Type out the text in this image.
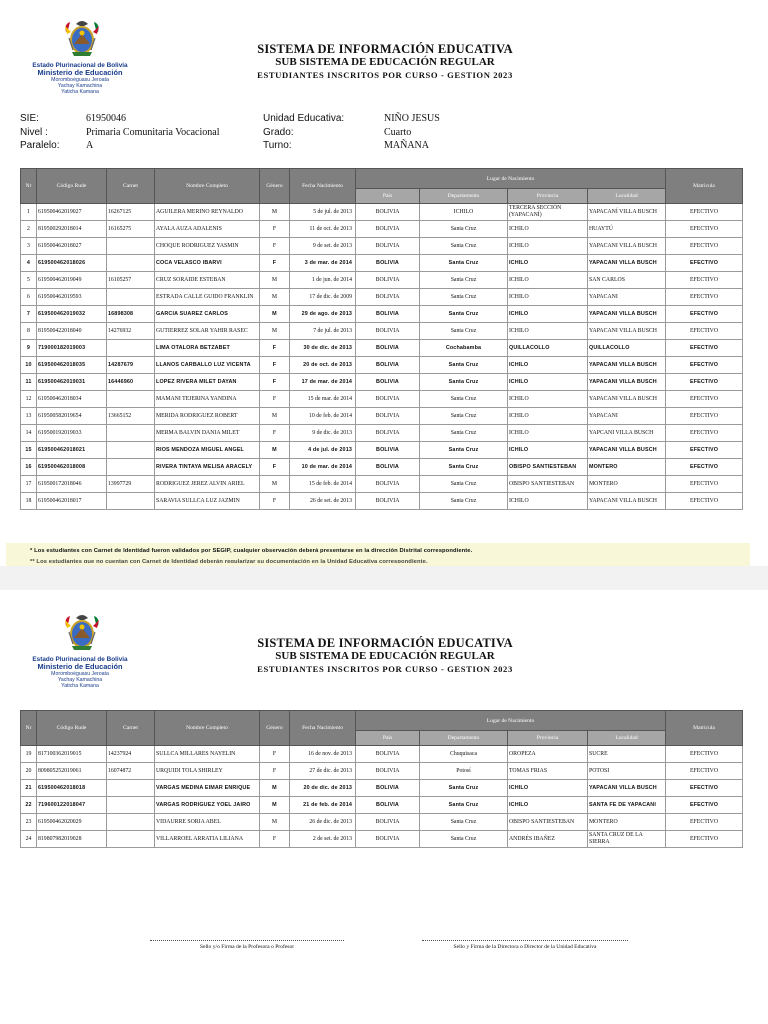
Estado Plurinacional de Bolivia
Ministerio de Educación
Moromboéguasu Jeroata
Yachay Kamachina
Yaticha Kamana
SISTEMA DE INFORMACIÓN EDUCATIVA
SUB SISTEMA DE EDUCACIÓN REGULAR
ESTUDIANTES INSCRITOS POR CURSO - GESTION 2023
SIE:	61950046	Unidad Educativa:	NIÑO JESUS
Nivel :	Primaria Comunitaria Vocacional	Grado:	Cuarto
Paralelo:	A	Turno:	MAÑANA
Nr	Código Rude	Carnet	Nombre Completo	Género	Fecha Nacimiento	Lugar de Nacimiento				Matricula
						País	Departamento	Provincia	Localidad	
1	619500462019027	16267125	AGUILERA MERINO REYNALDO	M	5 de jul. de 2013	BOLIVIA	ICHILO	TERCERA SECCIÓN (YAPACANÍ)	YAPACANÍ VILLA BUSCH	EFECTIVO
2	819500292018014	16165275	AYALA AUZA ADALENIS	F	11 de oct. de 2013	BOLIVIA	Santa Cruz	ICHILO	HUAYTÚ	EFECTIVO
3	619500462018027		CHOQUE RODRIGUEZ YASMIN	F	9 de set. de 2013	BOLIVIA	Santa Cruz	ICHILO	YAPACANI VILLA BUSCH	EFECTIVO
4	619500462018026		COCA VELASCO IBARVI	F	3 de mar. de 2014	BOLIVIA	Santa Cruz	ICHILO	YAPACANI VILLA BUSCH	EFECTIVO
5	619500462019049	16105257	CRUZ SORAIDE ESTEBAN	M	1 de jun. de 2014	BOLIVIA	Santa Cruz	ICHILO	SAN CARLOS	EFECTIVO
6	619500462019593		ESTRADA CALLE GUIDO FRANKLIN	M	17 de dic. de 2009	BOLIVIA	Santa Cruz	ICHILO	YAPACANI	EFECTIVO
7	619500462019032	16898308	GARCIA SUAREZ CARLOS	M	29 de ago. de 2013	BOLIVIA	Santa Cruz	ICHILO	YAPACANI VILLA BUSCH	EFECTIVO
8	819500422018040	14276932	GUTIERREZ SOLAR YAHIR RASEC	M	7 de jul. de 2013	BOLIVIA	Santa Cruz	ICHILO	YAPACANI VILLA BUSCH	EFECTIVO
9	719000182019003		LIMA OTALORA BETZABET	F	30 de dic. de 2013	BOLIVIA	Cochabamba	QUILLACOLLO	QUILLACOLLO	EFECTIVO
10	619500462018035	14287679	LLANOS CARBALLO LUZ VICENTA	F	20 de oct. de 2013	BOLIVIA	Santa Cruz	ICHILO	YAPACANI VILLA BUSCH	EFECTIVO
11	619500462019031	16446960	LOPEZ RIVERA MILET DAYAN	F	17 de mar. de 2014	BOLIVIA	Santa Cruz	ICHILO	YAPACANI VILLA BUSCH	EFECTIVO
12	619500462018034		MAMANI TEJERINA YANDINA	F	15 de mar. de 2014	BOLIVIA	Santa Cruz	ICHILO	YAPACANI VILLA BUSCH	EFECTIVO
13	619500582019654	13665152	MERIDA RODRIGUEZ ROBERT	M	10 de feb. de 2014	BOLIVIA	Santa Cruz	ICHILO	YAPACANI	EFECTIVO
14	619500192019033		MERMA BALVIN DANIA MILET	F	9 de dic. de 2013	BOLIVIA	Santa Cruz	ICHILO	YAPCANI VILLA BUSCH	EFECTIVO
15	619500462018021		RIOS MENDOZA MIGUEL ANGEL	M	4 de jul. de 2013	BOLIVIA	Santa Cruz	ICHILO	YAPACANI VILLA BUSCH	EFECTIVO
16	619500462018008		RIVERA TINTAYA MELISA ARACELY	F	10 de mar. de 2014	BOLIVIA	Santa Cruz	OBISPO SANTIESTEBAN	MONTERO	EFECTIVO
17	619500172018046	13997729	RODRIGUEZ JEREZ ALVIN ARIEL	M	15 de feb. de 2014	BOLIVIA	Santa Cruz	OBISPO SANTIESTEBAN	MONTERO	EFECTIVO
18	619500462018017		SARAVIA SULLCA LUZ JAZMIN	F	26 de set. de 2013	BOLIVIA	Santa Cruz	ICHILO	YAPACANI VILLA BUSCH	EFECTIVO
* Los estudiantes con Carnet de Identidad fueron validados por SEGIP, cualquier observación deberá presentarse en la dirección Distrital correspondiente.
** Los estudiantes que no cuentan con Carnet de Identidad deberán regularizar su documentación en la Unidad Educativa correspondiente.
Estado Plurinacional de Bolivia
Ministerio de Educación
Moromboéguasu Jeroata
Yachay Kamachina
Yaticha Kamana
SISTEMA DE INFORMACIÓN EDUCATIVA
SUB SISTEMA DE EDUCACIÓN REGULAR
ESTUDIANTES INSCRITOS POR CURSO - GESTION 2023
Nr	Código Rude	Carnet	Nombre Completo	Género	Fecha Nacimiento	Lugar de Nacimiento				Matricula
						País	Departamento	Provincia	Localidad	
19	817100362019015	14237924	SULLCA MILLARES NAYELIN	F	16 de nov. de 2013	BOLIVIA	Chuquisaca	OROPEZA	SUCRE	EFECTIVO
20	809805252019061	16074872	URQUIDI TOLA SHIRLEY	F	27 de dic. de 2013	BOLIVIA	Potosí	TOMAS FRIAS	POTOSI	EFECTIVO
21	619500462018018		VARGAS MEDINA EIMAR ENRIQUE	M	20 de dic. de 2013	BOLIVIA	Santa Cruz	ICHILO	YAPACANI VILLA BUSCH	EFECTIVO
22	719600122018047		VARGAS RODRIGUEZ YOEL JAIRO	M	21 de feb. de 2014	BOLIVIA	Santa Cruz	ICHILO	SANTA FE DE YAPACANI	EFECTIVO
23	619500462020029		VIDAURRE SORIA ABEL	M	26 de dic. de 2013	BOLIVIA	Santa Cruz	OBISPO SANTIESTEBAN	MONTERO	EFECTIVO
24	819807982019028		VILLARROEL ARRATIA LILIANA	F	2 de set. de 2013	BOLIVIA	Santa Cruz	ANDRÉS IBAÑEZ	SANTA CRUZ DE LA SIERRA	EFECTIVO
Sello y/o Firma de la Profesora o Profesor	Sello y Firma de la Directora o Director de la Unidad Educativa
